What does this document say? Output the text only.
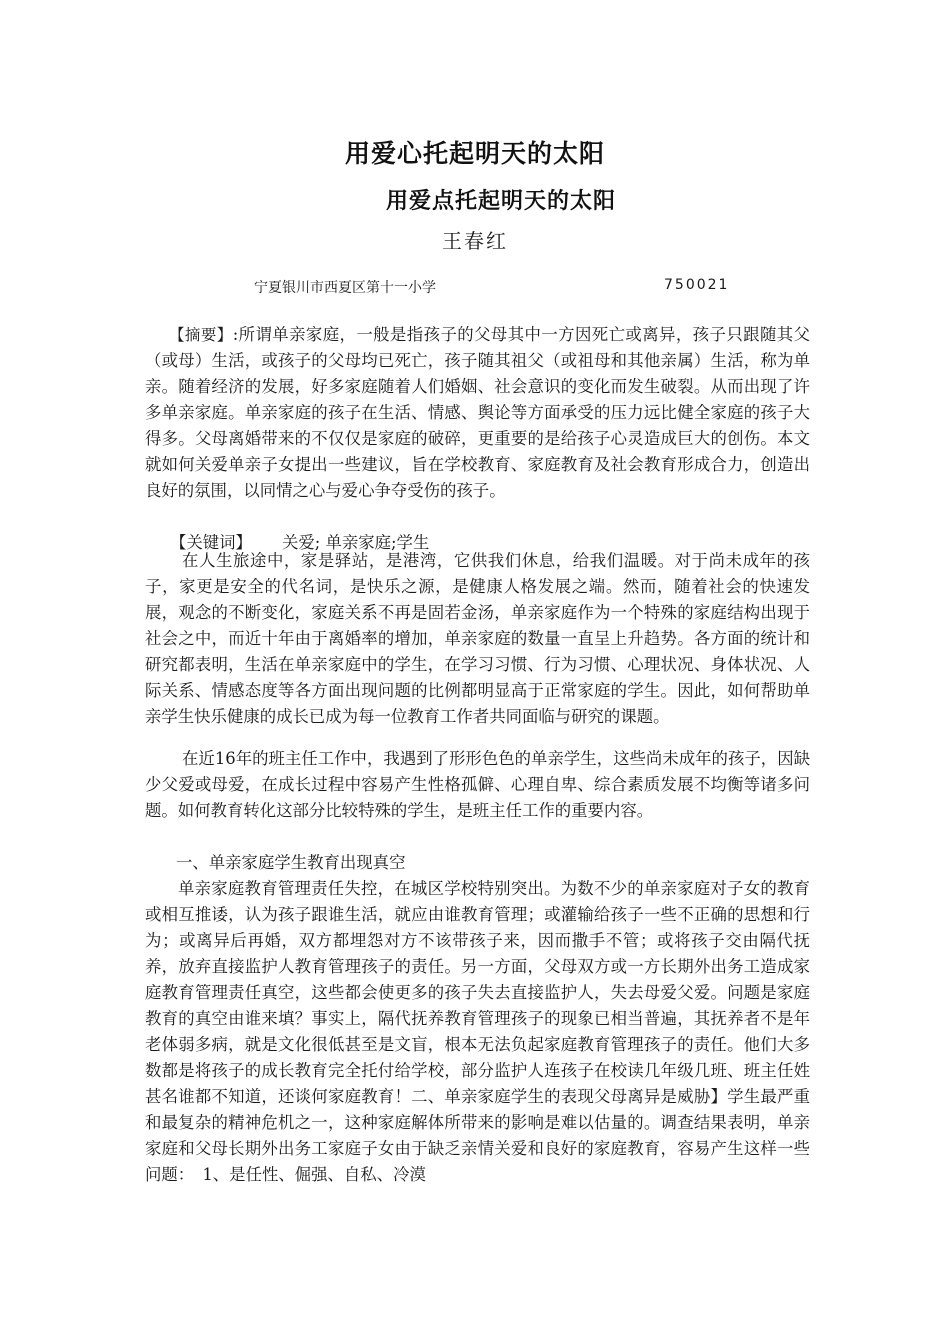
用爱心托起明天的太阳
用爱点托起明天的太阳
王春红
宁夏银川市西夏区第十一小学	750021

【摘要】:所谓单亲家庭，一般是指孩子的父母其中一方因死亡或离异，孩子只跟随其父（或母）生活，或孩子的父母均已死亡，孩子随其祖父（或祖母和其他亲属）生活，称为单亲。随着经济的发展，好多家庭随着人们婚姻、社会意识的变化而发生破裂。从而出现了许多单亲家庭。单亲家庭的孩子在生活、情感、舆论等方面承受的压力远比健全家庭的孩子大得多。父母离婚带来的不仅仅是家庭的破碎，更重要的是给孩子心灵造成巨大的创伤。本文就如何关爱单亲子女提出一些建议，旨在学校教育、家庭教育及社会教育形成合力，创造出良好的氛围，以同情之心与爱心争夺受伤的孩子。

【关键词】 关爱; 单亲家庭;学生

在人生旅途中，家是驿站，是港湾，它供我们休息，给我们温暖。对于尚未成年的孩子，家更是安全的代名词，是快乐之源，是健康人格发展之端。然而，随着社会的快速发展，观念的不断变化，家庭关系不再是固若金汤，单亲家庭作为一个特殊的家庭结构出现于社会之中，而近十年由于离婚率的增加，单亲家庭的数量一直呈上升趋势。各方面的统计和研究都表明，生活在单亲家庭中的学生，在学习习惯、行为习惯、心理状况、身体状况、人际关系、情感态度等各方面出现问题的比例都明显高于正常家庭的学生。因此，如何帮助单亲学生快乐健康的成长已成为每一位教育工作者共同面临与研究的课题。

在近16年的班主任工作中，我遇到了形形色色的单亲学生，这些尚未成年的孩子，因缺少父爱或母爱，在成长过程中容易产生性格孤僻、心理自卑、综合素质发展不均衡等诸多问题。如何教育转化这部分比较特殊的学生，是班主任工作的重要内容。

一、单亲家庭学生教育出现真空

单亲家庭教育管理责任失控，在城区学校特别突出。为数不少的单亲家庭对子女的教育或相互推诿，认为孩子跟谁生活，就应由谁教育管理；或灌输给孩子一些不正确的思想和行为；或离异后再婚，双方都埋怨对方不该带孩子来，因而撒手不管；或将孩子交由隔代抚养，放弃直接监护人教育管理孩子的责任。另一方面，父母双方或一方长期外出务工造成家庭教育管理责任真空，这些都会使更多的孩子失去直接监护人，失去母爱父爱。问题是家庭教育的真空由谁来填？事实上，隔代抚养教育管理孩子的现象已相当普遍，其抚养者不是年老体弱多病，就是文化很低甚至是文盲，根本无法负起家庭教育管理孩子的责任。他们大多数都是将孩子的成长教育完全托付给学校，部分监护人连孩子在校读几年级几班、班主任姓甚名谁都不知道，还谈何家庭教育！二、单亲家庭学生的表现父母离异是威胁】学生最严重和最复杂的精神危机之一，这种家庭解体所带来的影响是难以估量的。调查结果表明，单亲家庭和父母长期外出务工家庭子女由于缺乏亲情关爱和良好的家庭教育，容易产生这样一些问题：　1、是任性、倔强、自私、冷漠
